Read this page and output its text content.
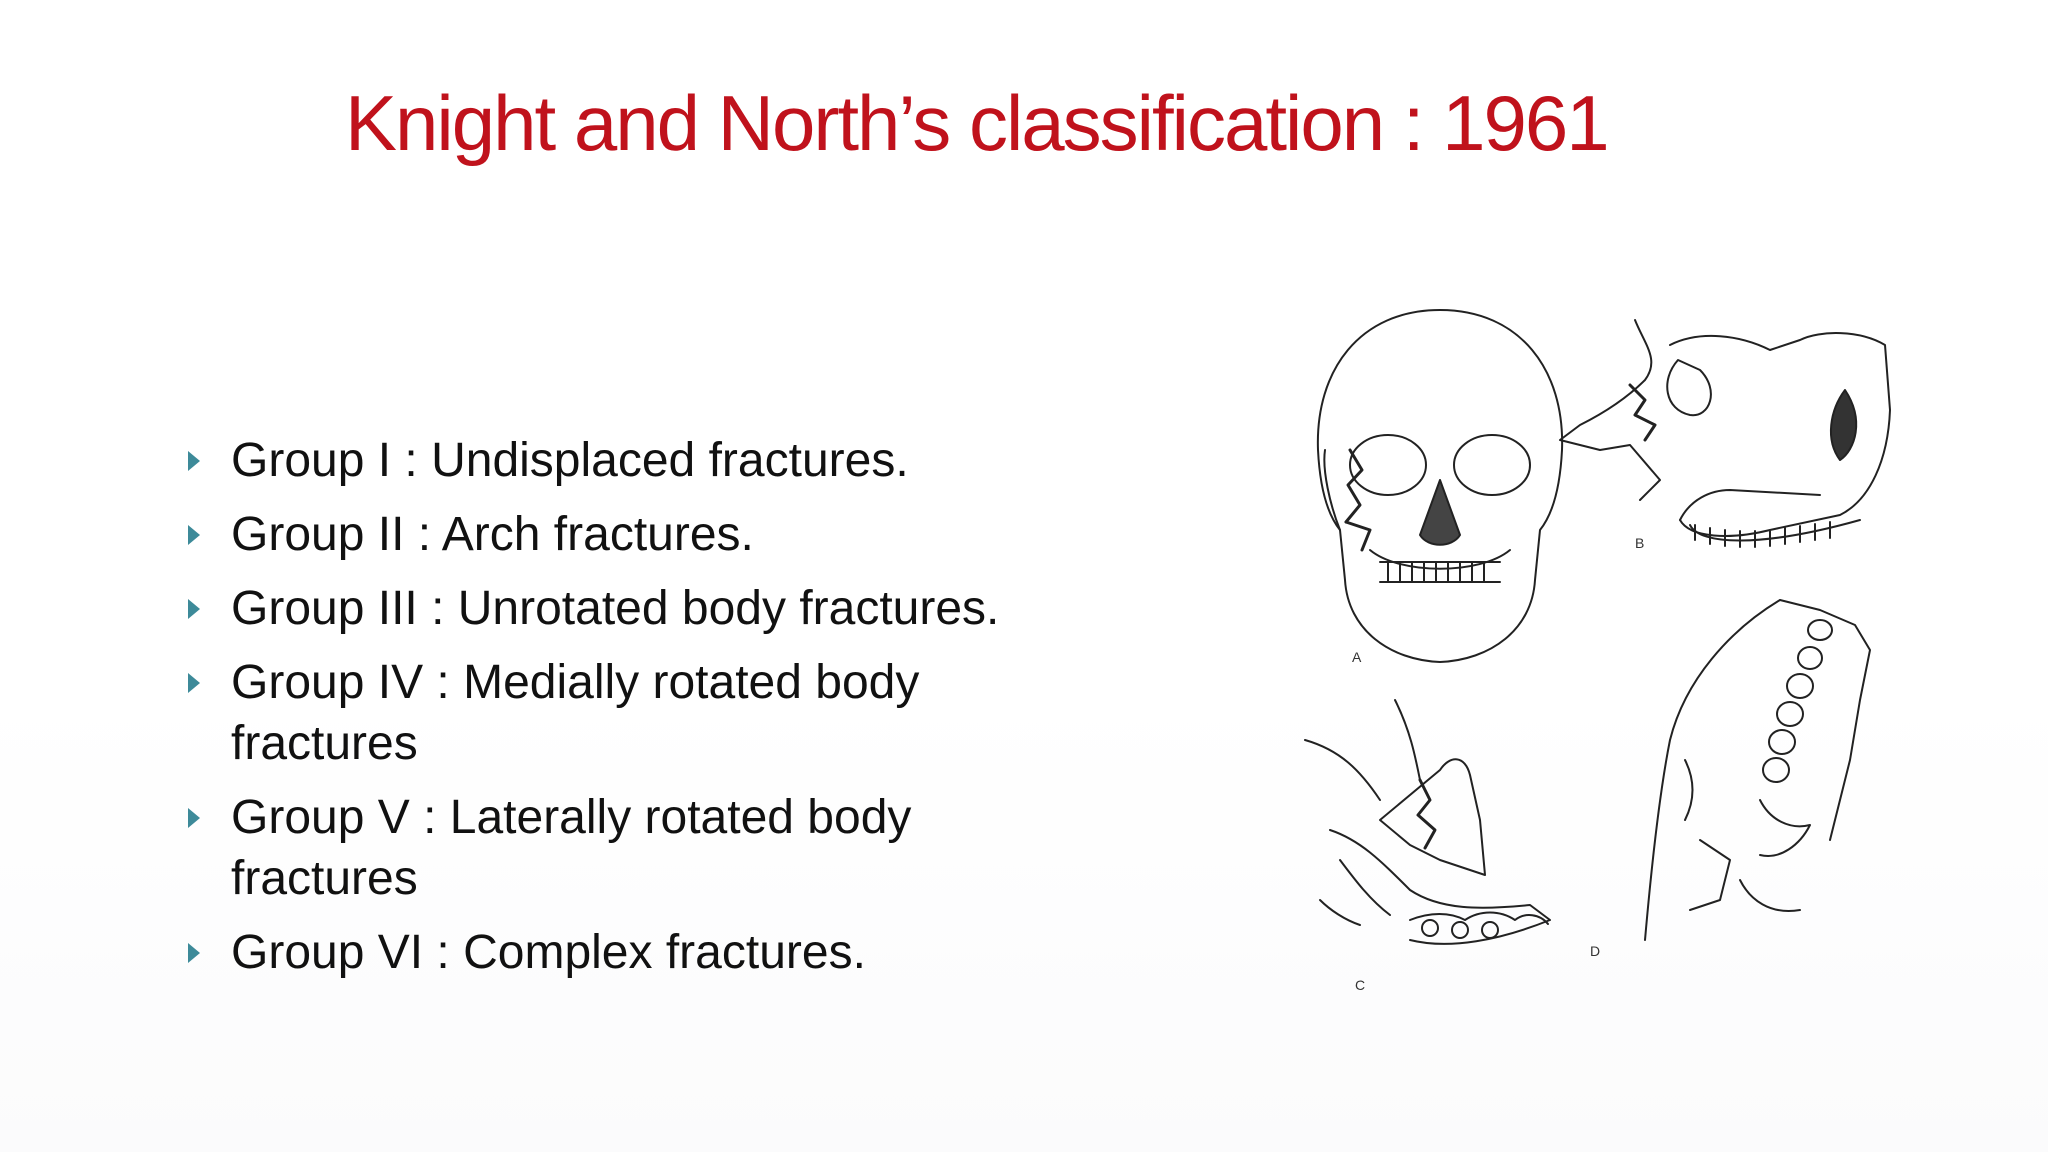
Knight and North’s classification : 1961
Group I : Undisplaced fractures.
Group II : Arch fractures.
Group III : Unrotated body fractures.
Group IV : Medially rotated body fractures
Group V : Laterally rotated body fractures
Group VI : Complex fractures.
A
B
C
D
